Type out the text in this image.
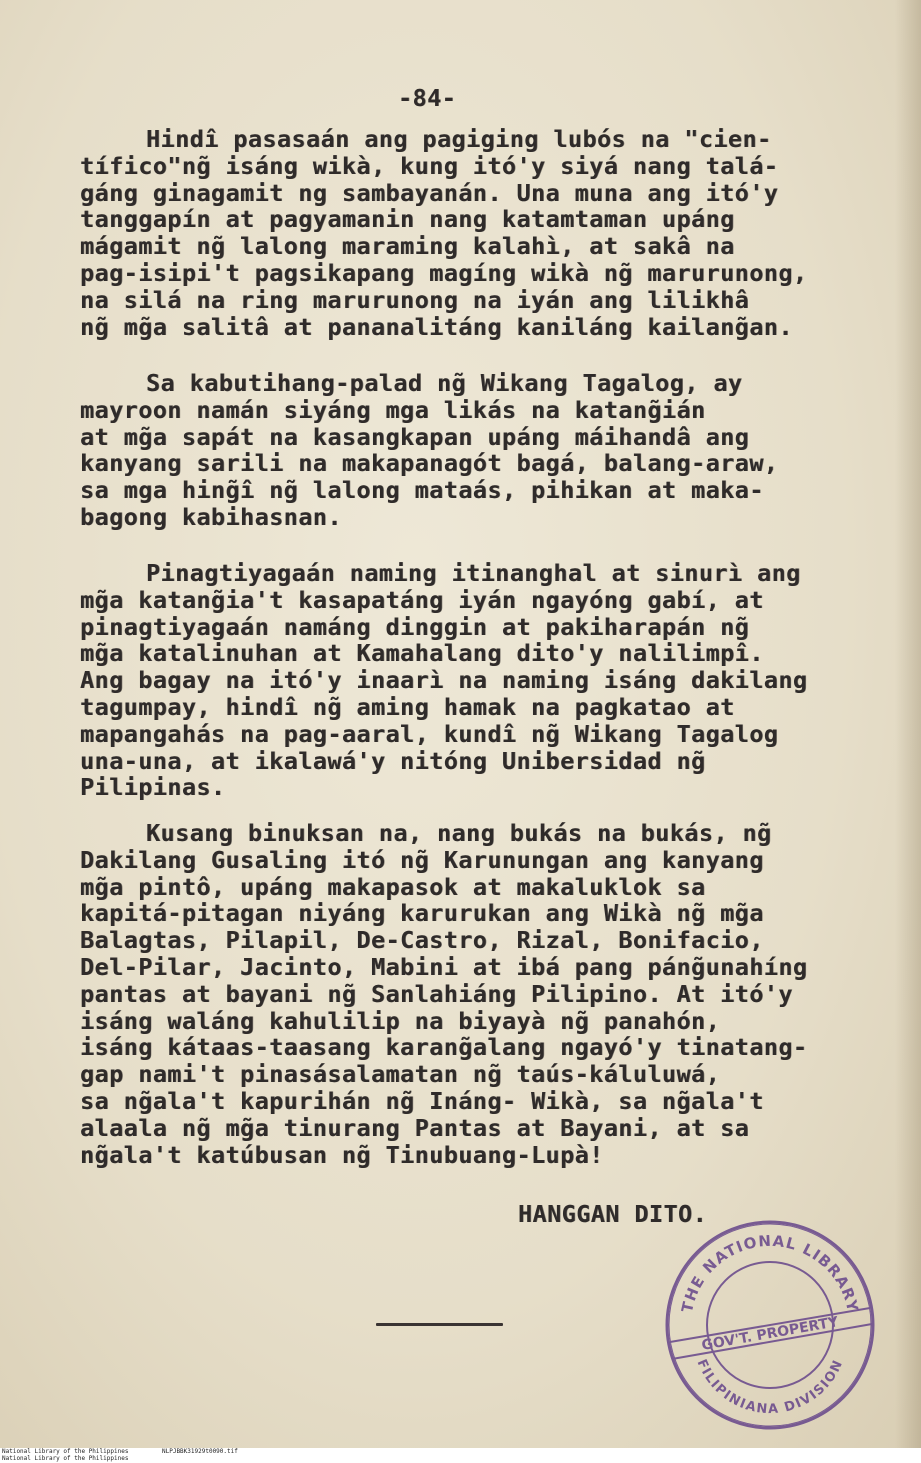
-84-
Hindî pasasaán ang pagiging lubós na "cien-
tífico"ng̃ isáng wikà, kung itó'y siyá nang talá-
gáng ginagamit ng sambayanán. Una muna ang itó'y
tanggapín at pagyamanin nang katamtaman upáng
mágamit ng̃ lalong maraming kalahì, at sakâ na
pag-isipi't pagsikapang magíng wikà ng̃ marurunong,
na silá na ring marurunong na iyán ang lilikhâ
ng̃ mg̃a salitâ at pananalitáng kaniláng kailang̃an.
Sa kabutihang-palad ng̃ Wikang Tagalog, ay
mayroon namán siyáng mga likás na katang̃ián
at mg̃a sapát na kasangkapan upáng máihandâ ang
kanyang sarili na makapanagót bagá, balang-araw,
sa mga hing̃î ng̃ lalong mataás, pihikan at maka-
bagong kabihasnan.
Pinagtiyagaán naming itinanghal at sinurì ang
mg̃a katang̃ia't kasapatáng iyán ngayóng gabí, at
pinagtiyagaán namáng dinggin at pakiharapán ng̃
mg̃a katalinuhan at Kamahalang dito'y nalilimpî.
Ang bagay na itó'y inaarì na naming isáng dakilang
tagumpay, hindî ng̃ aming hamak na pagkatao at
mapangahás na pag-aaral, kundî ng̃ Wikang Tagalog
una-una, at ikalawá'y nitóng Unibersidad ng̃
Pilipinas.
Kusang binuksan na, nang bukás na bukás, ng̃
Dakilang Gusaling itó ng̃ Karunungan ang kanyang
mg̃a pintô, upáng makapasok at makaluklok sa
kapitá-pitagan niyáng karurukan ang Wikà ng̃ mg̃a
Balagtas, Pilapil, De-Castro, Rizal, Bonifacio,
Del-Pilar, Jacinto, Mabini at ibá pang páng̃unahíng
pantas at bayani ng̃ Sanlahiáng Pilipino. At itó'y
isáng waláng kahulilip na biyayà ng̃ panahón,
isáng kátaas-taasang karang̃alang ngayó'y tinatang-
gap nami't pinasásalamatan ng̃ taús-káluluwá,
sa ng̃ala't kapurihán ng̃ Ináng- Wikà, sa ng̃ala't
alaala ng̃ mg̃a tinurang Pantas at Bayani, at sa
ng̃ala't katúbusan ng̃ Tinubuang-Lupà!
HANGGAN DITO.
THE NATIONAL LIBRARY
FILIPINIANA DIVISION
GOV'T. PROPERTY
National Library of the Philippines
National Library of the Philippines
NLPJBBK31929t0090.tif
